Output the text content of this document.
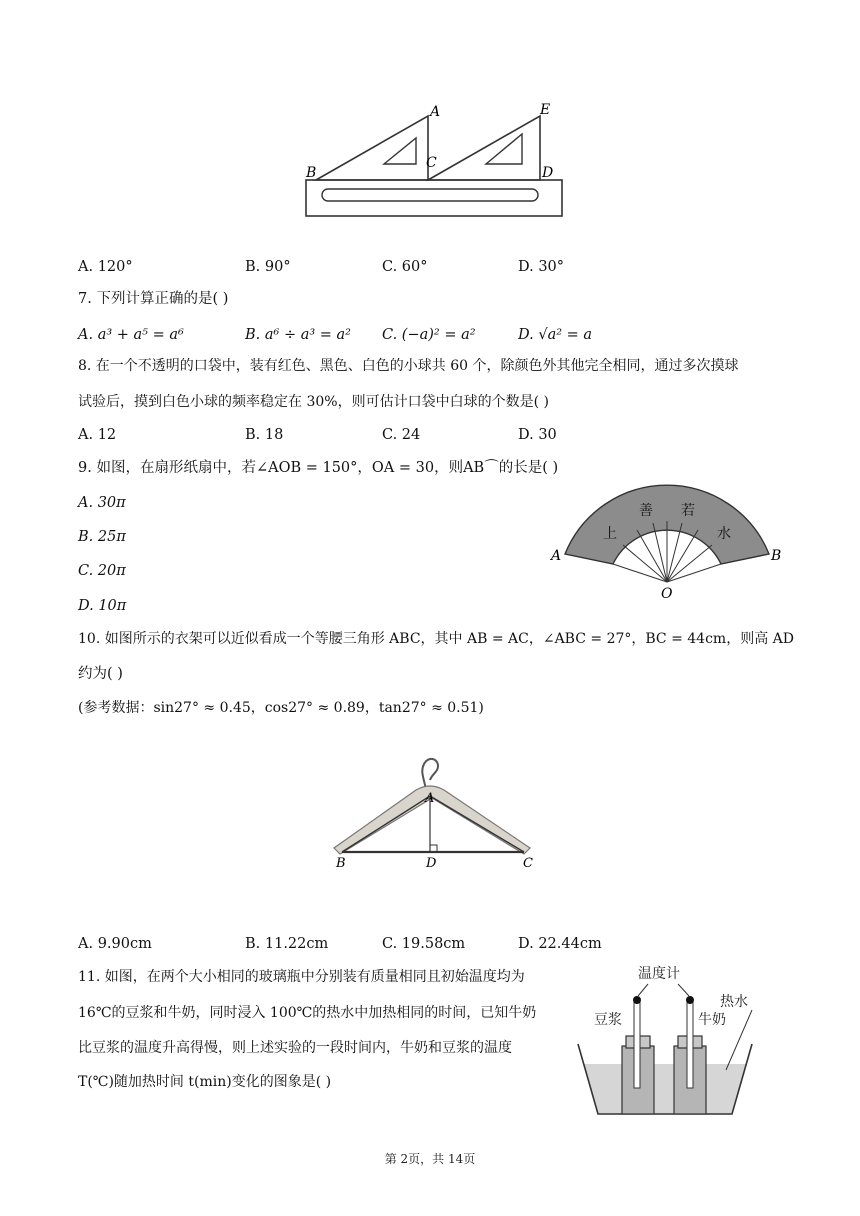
A
B
C
D
E
A. 120°	B. 90°	C. 60°	D. 30°
7. 下列计算正确的是( )
A. a³ + a⁵ = a⁶	B. a⁶ ÷ a³ = a² C. (−a)² = a²	D. √a² = a
8. 在一个不透明的口袋中，装有红色、黑色、白色的小球共 60 个，除颜色外其他完全相同，通过多次摸球
试验后，摸到白色小球的频率稳定在 30%，则可估计口袋中白球的个数是( )
A. 12	B. 18	C. 24	D. 30
9. 如图，在扇形纸扇中，若∠AOB = 150°，OA = 30，则AB⌒的长是( )
A. 30π
B. 25π
C. 20π
D. 10π
上
善 若
水
A	B
O
10. 如图所示的衣架可以近似看成一个等腰三角形 ABC，其中 AB = AC，∠ABC = 27°，BC = 44cm，则高 AD
约为( )
(参考数据：sin27° ≈ 0.45，cos27° ≈ 0.89，tan27° ≈ 0.51)
A
B	D	C
A. 9.90cm	B. 11.22cm	C. 19.58cm	D. 22.44cm
11. 如图，在两个大小相同的玻璃瓶中分别装有质量相同且初始温度均为
16℃的豆浆和牛奶，同时浸入 100℃的热水中加热相同的时间，已知牛奶
比豆浆的温度升高得慢，则上述实验的一段时间内，牛奶和豆浆的温度
T(℃)随加热时间 t(min)变化的图象是( )
温度计
豆浆	牛奶
热水
第 2页，共 14页
